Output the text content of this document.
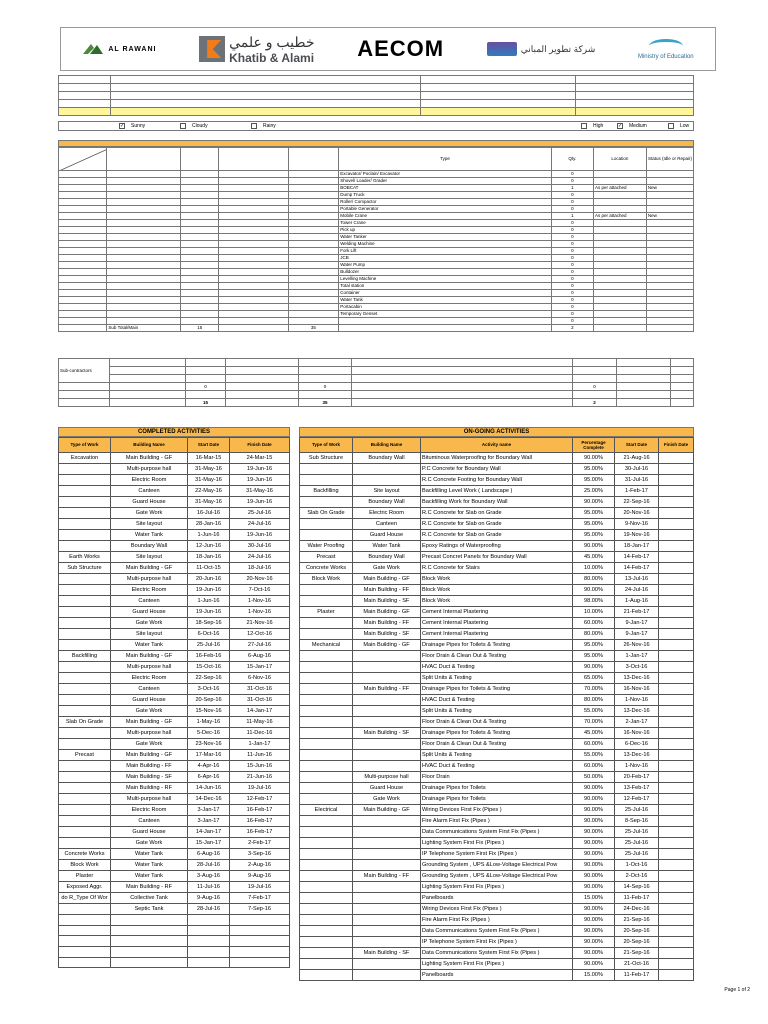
AL RAWANI	خطيب و علمي
Khatib & Alami AECOM	شركة تطوير المباني
Ministry of Education

✓ Sunny	Cloudy	Rainy	High	✓ Medium	Low
					Type	Qty.	Location	Status (Idle or Repair)
					Excavator/ Poclain/ Excavator	0		
					Shovel/ Loader/ Grader	0		
					BOBCAT	1	As per attached	New
					Dump Truck	0		
					Roller/ Compactor	0		
					Portable Generator	0		
					Mobile Crane	1	As per attached	New
					Tower Crane	0		
					Pick up	0		
					Water Tanker	0		
					Welding Machine	0		
					Fork Lift	0		
					JCB	0		
					Water Pump	0		
					Bulldozer	0		
					Levelling Machine	0		
					Total station	0		
					Container	0		
					Water Tank	0		
					Portacabin	0		
					Temporary Genset	0		
						0		
	Sub Total/Main	15		35		2		
Sub-contractors								

		0		0		0		

		15		35		2		
COMPLETED ACTIVITIES	ON-GOING ACTIVITIES
Type of Work	Building Name	Start Date	Finish Date
Excavation	Main Building - GF	16-Mar-15	24-Mar-15
	Multi-purpose hall	31-May-16	19-Jun-16
	Electric Room	31-May-16	19-Jun-16
	Canteen	22-May-16	31-May-16
	Guard House	31-May-16	19-Jun-16
	Gate Work	16-Jul-16	25-Jul-16
	Site layout	28-Jan-16	24-Jul-16
	Water Tank	1-Jun-16	19-Jun-16
	Boundary Wall	12-Jun-16	30-Jul-16
Earth Works	Site layout	18-Jan-16	24-Jul-16
Sub Structure	Main Building - GF	11-Oct-15	18-Jul-16
	Multi-purpose hall	20-Jun-16	20-Nov-16
	Electric Room	19-Jun-16	7-Oct-16
	Canteen	1-Jun-16	1-Nov-16
	Guard House	19-Jun-16	1-Nov-16
	Gate Work	18-Sep-16	21-Nov-16
	Site layout	6-Oct-16	12-Oct-16
	Water Tank	25-Jul-16	27-Jul-16
Backfilling	Main Building - GF	16-Feb-16	6-Aug-16
	Multi-purpose hall	15-Oct-16	15-Jan-17
	Electric Room	22-Sep-16	6-Nov-16
	Canteen	3-Oct-16	31-Oct-16
	Guard House	20-Sep-16	31-Oct-16
	Gate Work	15-Nov-16	14-Jan-17
Slab On Grade	Main Building - GF	1-May-16	11-May-16
	Multi-purpose hall	5-Dec-16	11-Dec-16
	Gate Work	23-Nov-16	1-Jan-17
Precast	Main Building - GF	17-Mar-16	11-Jun-16
	Main Building - FF	4-Apr-16	15-Jun-16
	Main Building - SF	6-Apr-16	21-Jun-16
	Main Building - RF	14-Jun-16	19-Jul-16
	Multi-purpose hall	14-Dec-16	12-Feb-17
	Electric Room	3-Jan-17	16-Feb-17
	Canteen	3-Jan-17	16-Feb-17
	Guard House	14-Jan-17	16-Feb-17
	Gate Work	15-Jan-17	2-Feb-17
Concrete Works	Water Tank	6-Aug-16	3-Sep-16
Block Work	Water Tank	28-Jul-16	2-Aug-16
Plaster	Water Tank	3-Aug-16	9-Aug-16
Exposed Aggr.	Main Building - RF	11-Jul-16	19-Jul-16
do R_Type Of Wor	Collective Tank	9-Aug-16	7-Feb-17
	Septic Tank	28-Jul-16	7-Sep-16

Type of Work	Building Name	Activity name	Percentage Complete	Start Date	Finish Date
Sub Structure	Boundary Wall	Bituminous Waterproofing for Boundary Wall	90.00%	21-Aug-16	
		P.C Concrete for Boundary Wall	95.00%	30-Jul-16	
		R.C Concrete Footing for Boundary Wall	95.00%	31-Jul-16	
Backfilling	Site layout	Backfilling Level Work ( Landscape )	25.00%	1-Feb-17	
	Boundary Wall	Backfilling Work for Boundary Wall	90.00%	22-Sep-16	
Slab On Grade	Electric Room	R.C Concrete for Slab on Grade	95.00%	20-Nov-16	
	Canteen	R.C Concrete for Slab on Grade	95.00%	9-Nov-16	
	Guard House	R.C Concrete for Slab on Grade	95.00%	19-Nov-16	
Water Proofing	Water Tank	Epoxy Ratings of Waterproofing	90.00%	18-Jan-17	
Precast	Boundary Wall	Precast Concret Panels for Boundary Wall	45.00%	14-Feb-17	
Concrete Works	Gate Work	R.C Concrete for Stairs	10.00%	14-Feb-17	
Block Work	Main Building - GF	Block Work	80.00%	13-Jul-16	
	Main Building - FF	Block Work	90.00%	24-Jul-16	
	Main Building - SF	Block Work	98.00%	1-Aug-16	
Plaster	Main Building - GF	Cement Internal Plastering	10.00%	21-Feb-17	
	Main Building - FF	Cement Internal Plastering	60.00%	9-Jan-17	
	Main Building - SF	Cement Internal Plastering	80.00%	9-Jan-17	
Mechanical	Main Building - GF	Drainage Pipes for Toilets & Testing	95.00%	26-Nov-16	
		Floor Drain & Clean Out & Testing	95.00%	1-Jan-17	
		HVAC Duct & Testing	90.00%	3-Oct-16	
		Split Units & Testing	65.00%	13-Dec-16	
	Main Building - FF	Drainage Pipes for Toilets & Testing	70.00%	16-Nov-16	
		HVAC Duct & Testing	80.00%	1-Nov-16	
		Split Units & Testing	55.00%	13-Dec-16	
		Floor Drain & Clean Out & Testing	70.00%	2-Jan-17	
	Main Building - SF	Drainage Pipes for Toilets & Testing	45.00%	16-Nov-16	
		Floor Drain & Clean Out & Testing	60.00%	6-Dec-16	
		Split Units & Testing	55.00%	13-Dec-16	
		HVAC Duct & Testing	60.00%	1-Nov-16	
	Multi-purpose hall	Floor Drain	50.00%	20-Feb-17	
	Guard House	Drainage Pipes for Toilets	90.00%	13-Feb-17	
	Gate Work	Drainage Pipes for Toilets	90.00%	12-Feb-17	
Electrical	Main Building - GF	Wiring Devices First Fix (Pipes )	90.00%	25-Jul-16	
		Fire Alarm First Fix (Pipes )	90.00%	8-Sep-16	
		Data Communications System First Fix (Pipes )	90.00%	25-Jul-16	
		Lighting System First Fix (Pipes )	90.00%	25-Jul-16	
		IP Telephone System First Fix (Pipes )	90.00%	25-Jul-16	
		Grounding System , UPS &Low-Voltage Electrical Pow	90.00%	1-Oct-16	
	Main Building - FF	Grounding System , UPS &Low-Voltage Electrical Pow	90.00%	2-Oct-16	
		Lighting System First Fix (Pipes )	90.00%	14-Sep-16	
		Panelboards	15.00%	11-Feb-17	
		Wiring Devices First Fix (Pipes )	90.00%	24-Dec-16	
		Fire Alarm First Fix (Pipes )	90.00%	21-Sep-16	
		Data Communications System First Fix (Pipes )	90.00%	20-Sep-16	
		IP Telephone System First Fix (Pipes )	90.00%	20-Sep-16	
	Main Building - SF	Data Communications System First Fix (Pipes )	90.00%	21-Sep-16	
		Lighting System First Fix (Pipes )	90.00%	21-Oct-16	
		Panelboards	15.00%	11-Feb-17	
Page 1 of 2
